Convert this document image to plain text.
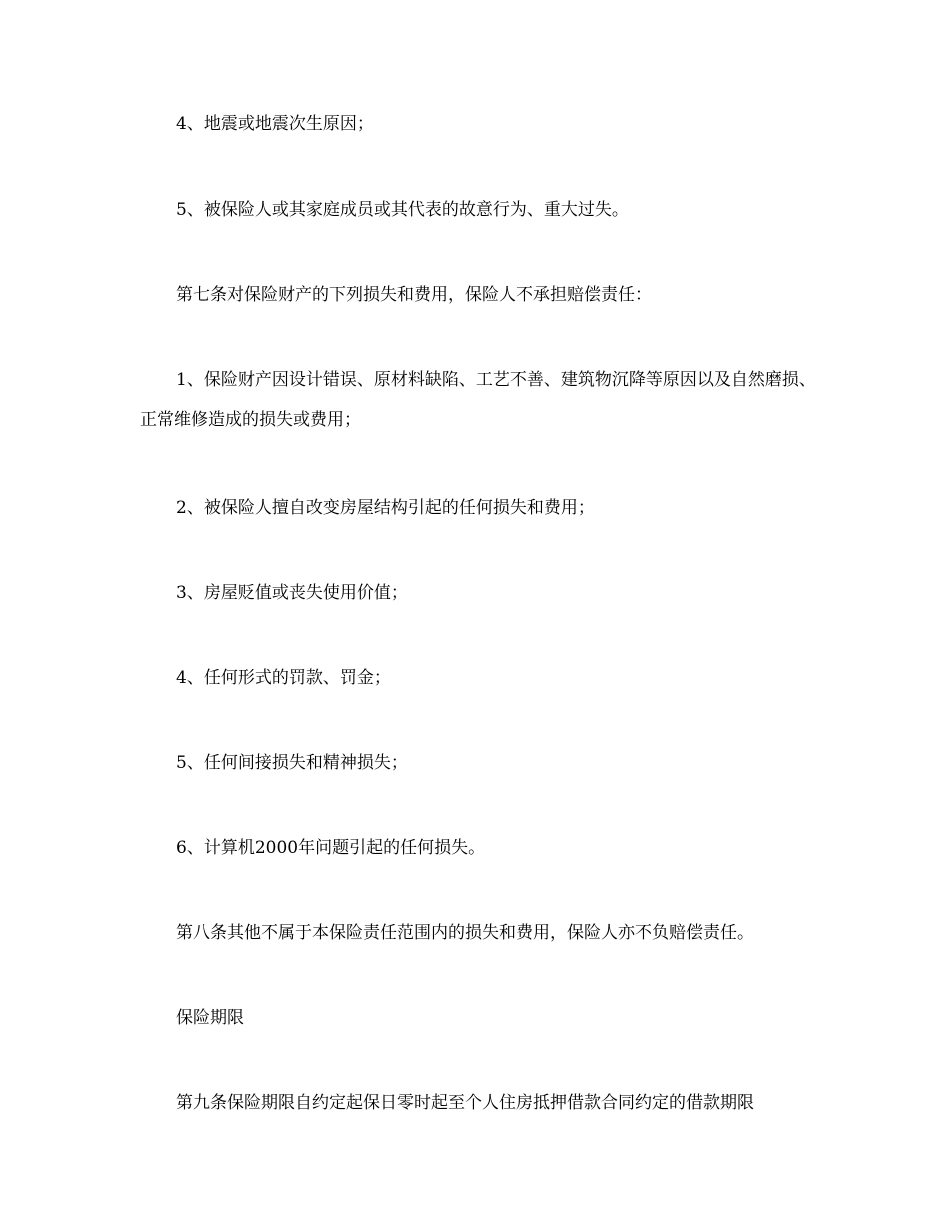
4、地震或地震次生原因；

5、被保险人或其家庭成员或其代表的故意行为、重大过失。

第七条对保险财产的下列损失和费用，保险人不承担赔偿责任：

1、保险财产因设计错误、原材料缺陷、工艺不善、建筑物沉降等原因以及自然磨损、正常维修造成的损失或费用；

2、被保险人擅自改变房屋结构引起的任何损失和费用；

3、房屋贬值或丧失使用价值；

4、任何形式的罚款、罚金；

5、任何间接损失和精神损失；

6、计算机2000年问题引起的任何损失。

第八条其他不属于本保险责任范围内的损失和费用，保险人亦不负赔偿责任。

保险期限

第九条保险期限自约定起保日零时起至个人住房抵押借款合同约定的借款期限
